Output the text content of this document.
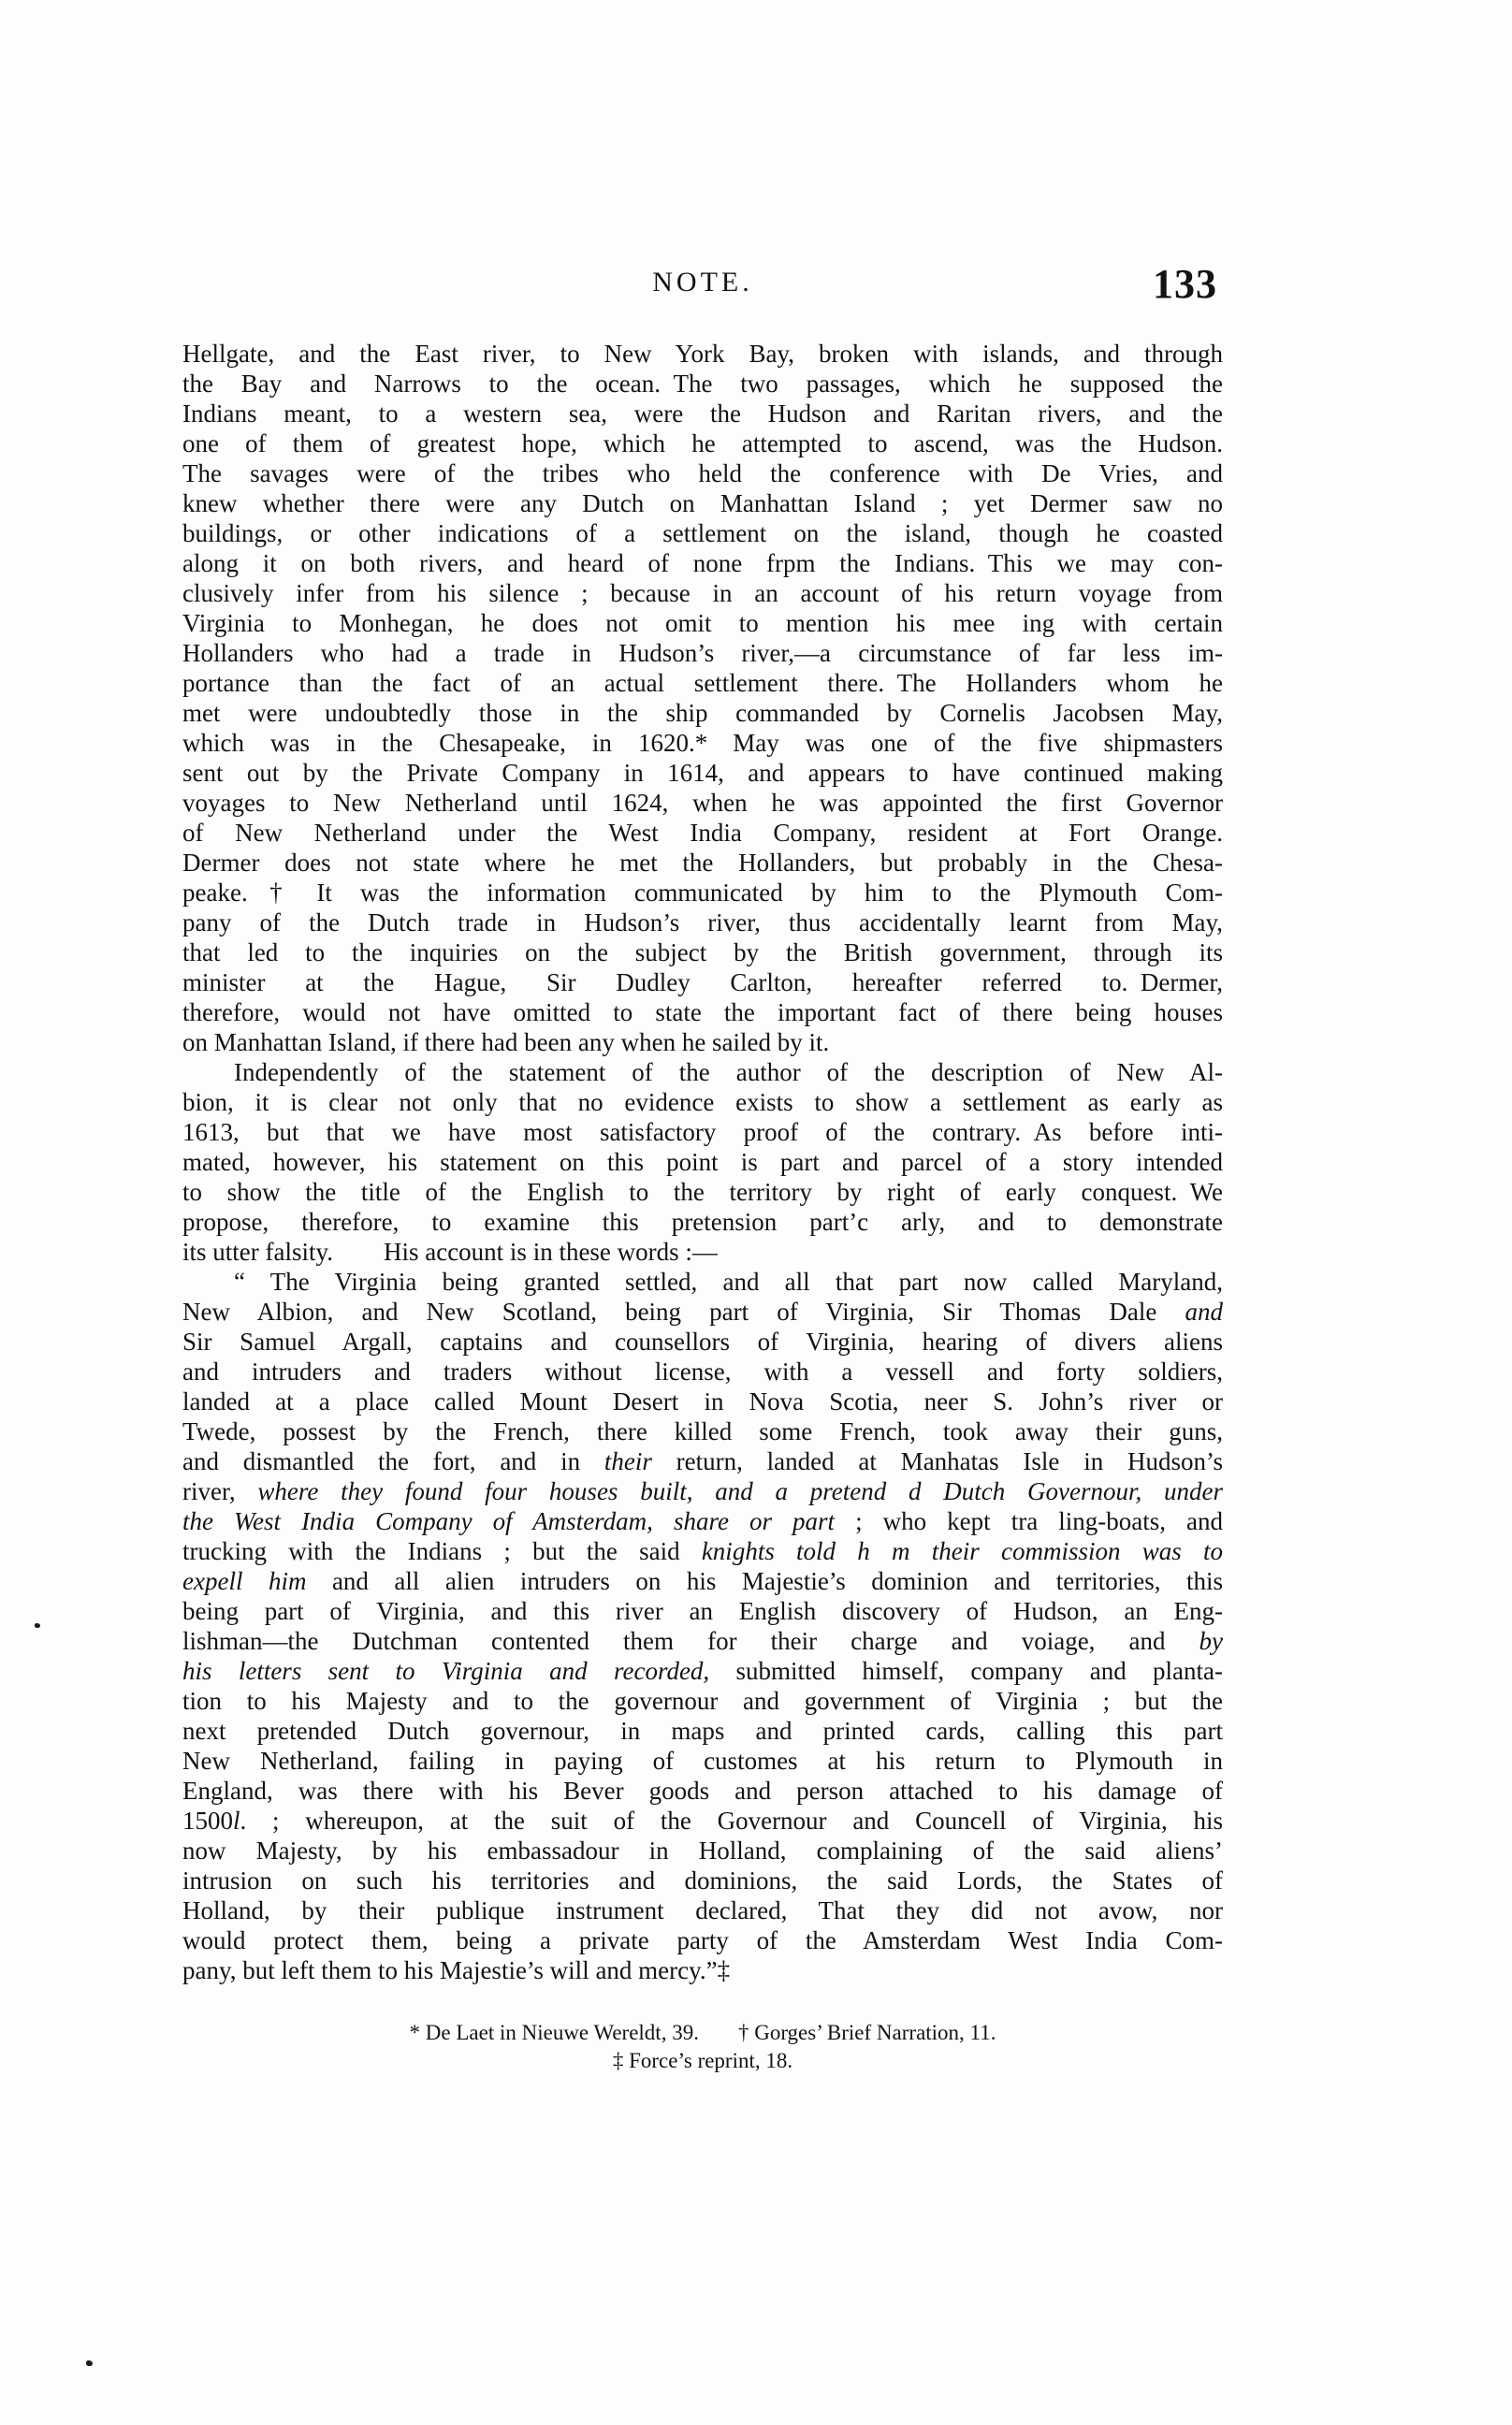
NOTE.	133
Hellgate, and the East river, to New York Bay, broken with islands, and through
the Bay and Narrows to the ocean. The two passages, which he supposed the
Indians meant, to a western sea, were the Hudson and Raritan rivers, and the
one of them of greatest hope, which he attempted to ascend, was the Hudson.
The savages were of the tribes who held the conference with De Vries, and
knew whether there were any Dutch on Manhattan Island ; yet Dermer saw no
buildings, or other indications of a settlement on the island, though he coasted
along it on both rivers, and heard of none frpm the Indians. This we may con-
clusively infer from his silence ; because in an account of his return voyage from
Virginia to Monhegan, he does not omit to mention his mee ing with certain
Hollanders who had a trade in Hudson’s river,—a circumstance of far less im-
portance than the fact of an actual settlement there. The Hollanders whom he
met were undoubtedly those in the ship commanded by Cornelis Jacobsen May,
which was in the Chesapeake, in 1620.* May was one of the five shipmasters
sent out by the Private Company in 1614, and appears to have continued making
voyages to New Netherland until 1624, when he was appointed the first Governor
of New Netherland under the West India Company, resident at Fort Orange.
Dermer does not state where he met the Hollanders, but probably in the Chesa-
peake.† It was the information communicated by him to the Plymouth Com-
pany of the Dutch trade in Hudson’s river, thus accidentally learnt from May,
that led to the inquiries on the subject by the British government, through its
minister at the Hague, Sir Dudley Carlton, hereafter referred to. Dermer,
therefore, would not have omitted to state the important fact of there being houses
on Manhattan Island, if there had been any when he sailed by it.
Independently of the statement of the author of the description of New Al-
bion, it is clear not only that no evidence exists to show a settlement as early as
1613, but that we have most satisfactory proof of the contrary. As before inti-
mated, however, his statement on this point is part and parcel of a story intended
to show the title of the English to the territory by right of early conquest. We
propose, therefore, to examine this pretension part’c arly, and to demonstrate
its utter falsity.  His account is in these words :—
“ The Virginia being granted settled, and all that part now called Maryland,
New Albion, and New Scotland, being part of Virginia, Sir Thomas Dale and
Sir Samuel Argall, captains and counsellors of Virginia, hearing of divers aliens
and intruders and traders without license, with a vessell and forty soldiers,
landed at a place called Mount Desert in Nova Scotia, neer S. John’s river or
Twede, possest by the French, there killed some French, took away their guns,
and dismantled the fort, and in their return, landed at Manhatas Isle in Hudson’s
river, where they found four houses built, and a pretend d Dutch Governour, under
the West India Company of Amsterdam, share or part ; who kept tra ling-boats, and
trucking with the Indians ; but the said knights told h m their commission was to
expell him and all alien intruders on his Majestie’s dominion and territories, this
being part of Virginia, and this river an English discovery of Hudson, an Eng-
lishman—the Dutchman contented them for their charge and voiage, and by
his letters sent to Virginia and recorded, submitted himself, company and planta-
tion to his Majesty and to the governour and government of Virginia ; but the
next pretended Dutch governour, in maps and printed cards, calling this part
New Netherland, failing in paying of customes at his return to Plymouth in
England, was there with his Bever goods and person attached to his damage of
1500l. ; whereupon, at the suit of the Governour and Councell of Virginia, his
now Majesty, by his embassadour in Holland, complaining of the said aliens’
intrusion on such his territories and dominions, the said Lords, the States of
Holland, by their publique instrument declared, That they did not avow, nor
would protect them, being a private party of the Amsterdam West India Com-
pany, but left them to his Majestie’s will and mercy.”‡
* De Laet in Nieuwe Wereldt, 39. † Gorges’ Brief Narration, 11.
‡ Force’s reprint, 18.
